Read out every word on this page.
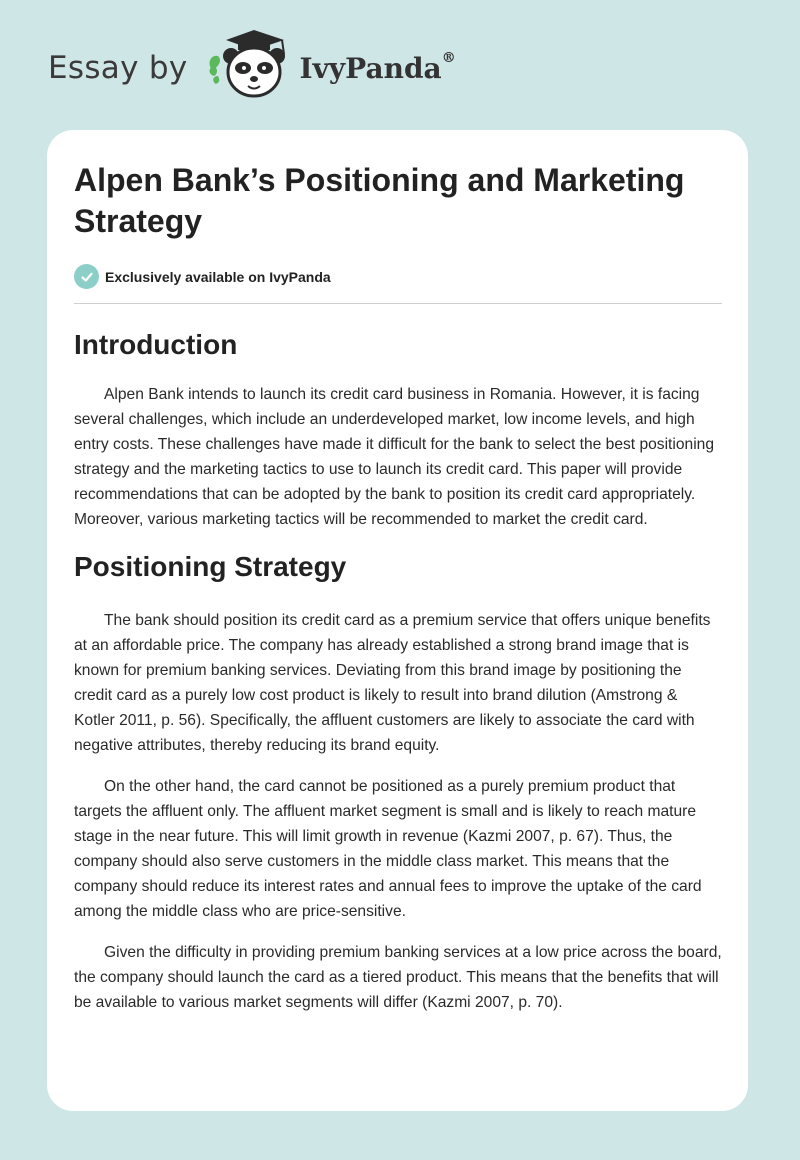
Essay by	IvyPanda®
Alpen Bank’s Positioning and Marketing Strategy
Exclusively available on IvyPanda
Introduction

Alpen Bank intends to launch its credit card business in Romania. However, it is facing several challenges, which include an underdeveloped market, low income levels, and high entry costs. These challenges have made it difficult for the bank to select the best positioning strategy and the marketing tactics to use to launch its credit card. This paper will provide recommendations that can be adopted by the bank to position its credit card appropriately. Moreover, various marketing tactics will be recommended to market the credit card.

Positioning Strategy

The bank should position its credit card as a premium service that offers unique benefits at an affordable price. The company has already established a strong brand image that is known for premium banking services. Deviating from this brand image by positioning the credit card as a purely low cost product is likely to result into brand dilution (Amstrong & Kotler 2011, p. 56). Specifically, the affluent customers are likely to associate the card with negative attributes, thereby reducing its brand equity.

On the other hand, the card cannot be positioned as a purely premium product that targets the affluent only. The affluent market segment is small and is likely to reach mature stage in the near future. This will limit growth in revenue (Kazmi 2007, p. 67). Thus, the company should also serve customers in the middle class market. This means that the company should reduce its interest rates and annual fees to improve the uptake of the card among the middle class who are price-sensitive.

Given the difficulty in providing premium banking services at a low price across the board, the company should launch the card as a tiered product. This means that the benefits that will be available to various market segments will differ (Kazmi 2007, p. 70).
